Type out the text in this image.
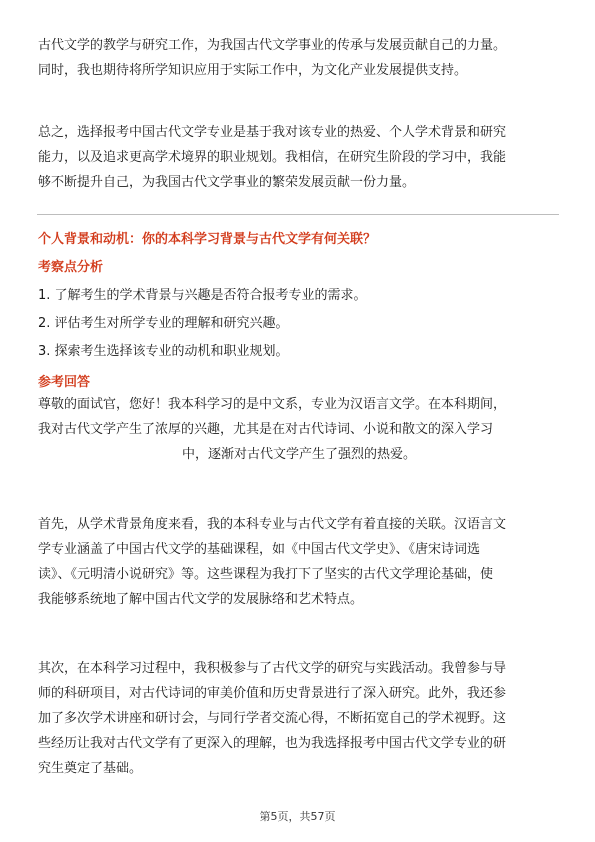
古代文学的教学与研究工作，为我国古代文学事业的传承与发展贡献自己的力量。
同时，我也期待将所学知识应用于实际工作中，为文化产业发展提供支持。
总之，选择报考中国古代文学专业是基于我对该专业的热爱、个人学术背景和研究
能力，以及追求更高学术境界的职业规划。我相信，在研究生阶段的学习中，我能
够不断提升自己，为我国古代文学事业的繁荣发展贡献一份力量。

个人背景和动机：你的本科学习背景与古代文学有何关联？

考察点分析

1. 了解考生的学术背景与兴趣是否符合报考专业的需求。

2. 评估考生对所学专业的理解和研究兴趣。

3. 探索考生选择该专业的动机和职业规划。

参考回答

尊敬的面试官，您好！我本科学习的是中文系，专业为汉语言文学。在本科期间，
我对古代文学产生了浓厚的兴趣，尤其是在对古代诗词、小说和散文的深入学习
中，逐渐对古代文学产生了强烈的热爱。
首先，从学术背景角度来看，我的本科专业与古代文学有着直接的关联。汉语言文
学专业涵盖了中国古代文学的基础课程，如《中国古代文学史》、《唐宋诗词选
读》、《元明清小说研究》等。这些课程为我打下了坚实的古代文学理论基础，使
我能够系统地了解中国古代文学的发展脉络和艺术特点。
其次，在本科学习过程中，我积极参与了古代文学的研究与实践活动。我曾参与导
师的科研项目，对古代诗词的审美价值和历史背景进行了深入研究。此外，我还参
加了多次学术讲座和研讨会，与同行学者交流心得，不断拓宽自己的学术视野。这
些经历让我对古代文学有了更深入的理解，也为我选择报考中国古代文学专业的研
究生奠定了基础。
第5页，共57页
